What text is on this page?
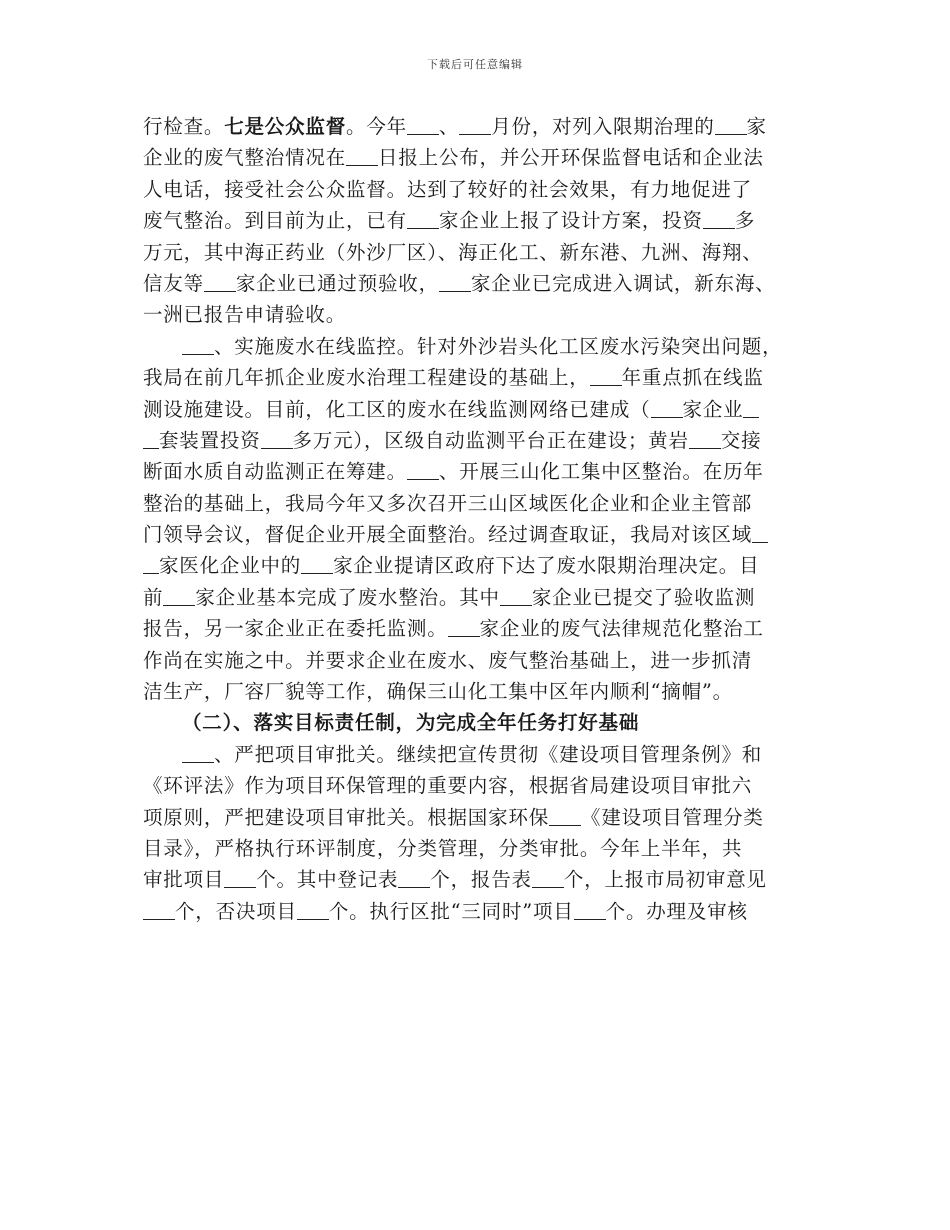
下载后可任意编辑
行检查。七是公众监督。今年 、 月份，对列入限期治理的 家
企业的废气整治情况在 日报上公布，并公开环保监督电话和企业法
人电话，接受社会公众监督。达到了较好的社会效果，有力地促进了
废气整治。到目前为止，已有 家企业上报了设计方案，投资 多
万元，其中海正药业（外沙厂区）、海正化工、新东港、九洲、海翔、
信友等 家企业已通过预验收， 家企业已完成进入调试，新东海、
一洲已报告申请验收。
、实施废水在线监控。针对外沙岩头化工区废水污染突出问题，
我局在前几年抓企业废水治理工程建设的基础上， 年重点抓在线监
测设施建设。目前，化工区的废水在线监测网络已建成（ 家企业
套装置投资 多万元），区级自动监测平台正在建设；黄岩 交接
断面水质自动监测正在筹建。 、开展三山化工集中区整治。在历年
整治的基础上，我局今年又多次召开三山区域医化企业和企业主管部
门领导会议，督促企业开展全面整治。经过调查取证，我局对该区域
家医化企业中的 家企业提请区政府下达了废水限期治理决定。目
前 家企业基本完成了废水整治。其中 家企业已提交了验收监测
报告，另一家企业正在委托监测。 家企业的废气法律规范化整治工
作尚在实施之中。并要求企业在废水、废气整治基础上，进一步抓清
洁生产，厂容厂貌等工作，确保三山化工集中区年内顺利“摘帽”。
（二）、落实目标责任制，为完成全年任务打好基础
、严把项目审批关。继续把宣传贯彻《建设项目管理条例》和
《环评法》作为项目环保管理的重要内容，根据省局建设项目审批六
项原则，严把建设项目审批关。根据国家环保 《建设项目管理分类
目录》，严格执行环评制度，分类管理，分类审批。今年上半年，共
审批项目 个。其中登记表 个，报告表 个，上报市局初审意见
个，否决项目 个。执行区批“三同时”项目 个。办理及审核
